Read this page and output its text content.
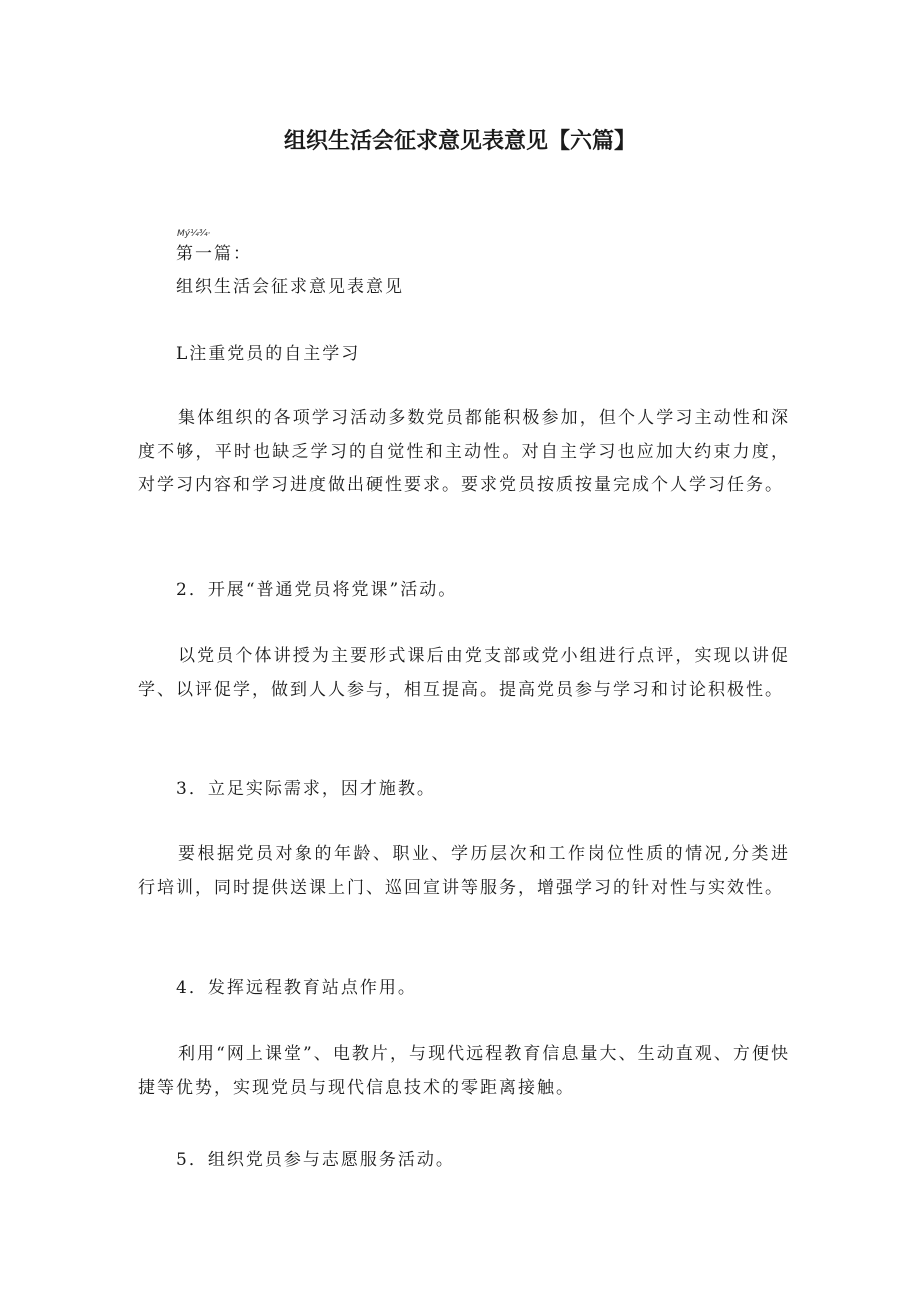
组织生活会征求意见表意见【六篇】
Mý¼¾·

第一篇：

组织生活会征求意见表意见

L注重党员的自主学习

集体组织的各项学习活动多数党员都能积极参加，但个人学习主动性和深度不够，平时也缺乏学习的自觉性和主动性。对自主学习也应加大约束力度，对学习内容和学习进度做出硬性要求。要求党员按质按量完成个人学习任务。

2．开展“普通党员将党课”活动。

以党员个体讲授为主要形式课后由党支部或党小组进行点评，实现以讲促学、以评促学，做到人人参与，相互提高。提高党员参与学习和讨论积极性。

3．立足实际需求，因才施教。

要根据党员对象的年龄、职业、学历层次和工作岗位性质的情况,分类进行培训，同时提供送课上门、巡回宣讲等服务，增强学习的针对性与实效性。

4．发挥远程教育站点作用。

利用“网上课堂”、电教片，与现代远程教育信息量大、生动直观、方便快捷等优势，实现党员与现代信息技术的零距离接触。

5．组织党员参与志愿服务活动。
